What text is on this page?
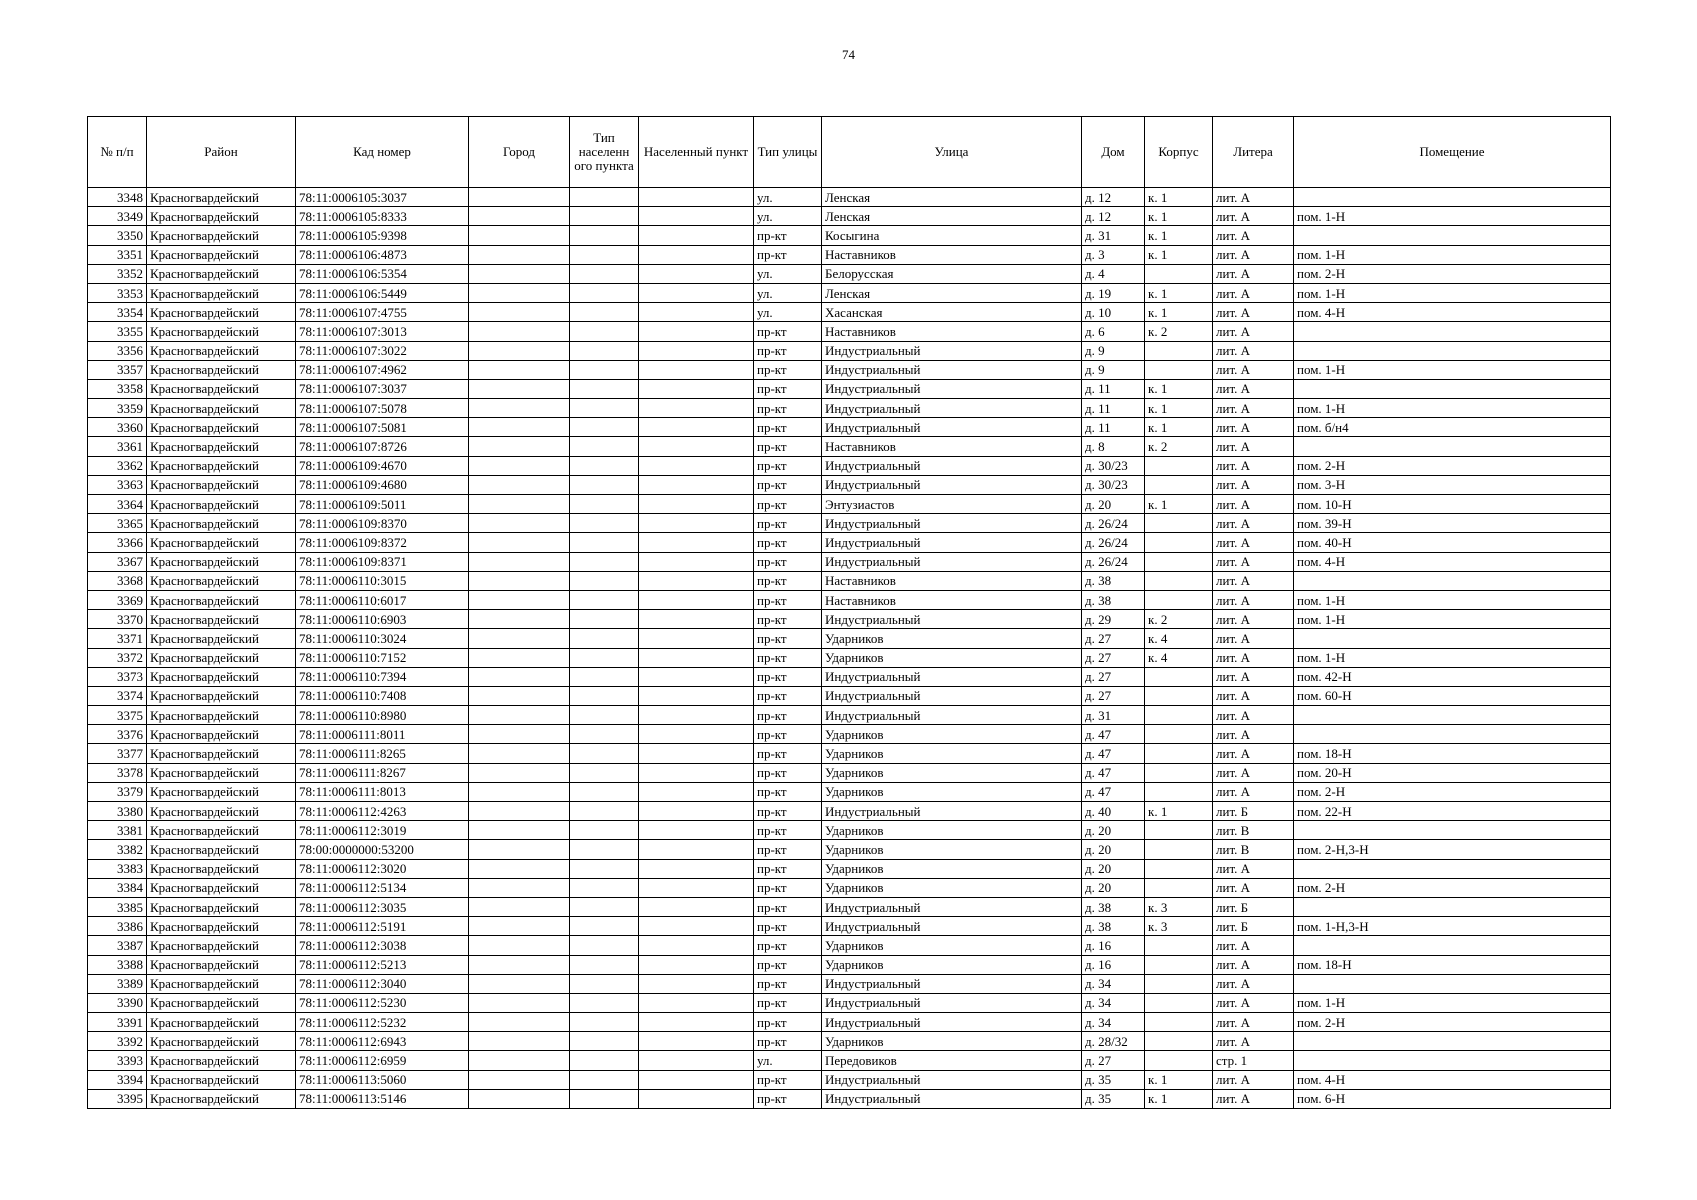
74
№ п/п	Район	Кад номер	Город	Тип населенн ого пункта	Населенный пункт	Тип улицы	Улица	Дом	Корпус	Литера	Помещение
3348	Красногвардейский	78:11:0006105:3037				ул.	Ленская	д. 12	к. 1	лит. А	
3349	Красногвардейский	78:11:0006105:8333				ул.	Ленская	д. 12	к. 1	лит. А	пом. 1-Н
3350	Красногвардейский	78:11:0006105:9398				пр-кт	Косыгина	д. 31	к. 1	лит. А	
3351	Красногвардейский	78:11:0006106:4873				пр-кт	Наставников	д. 3	к. 1	лит. А	пом. 1-Н
3352	Красногвардейский	78:11:0006106:5354				ул.	Белорусская	д. 4		лит. А	пом. 2-Н
3353	Красногвардейский	78:11:0006106:5449				ул.	Ленская	д. 19	к. 1	лит. А	пом. 1-Н
3354	Красногвардейский	78:11:0006107:4755				ул.	Хасанская	д. 10	к. 1	лит. А	пом. 4-Н
3355	Красногвардейский	78:11:0006107:3013				пр-кт	Наставников	д. 6	к. 2	лит. А	
3356	Красногвардейский	78:11:0006107:3022				пр-кт	Индустриальный	д. 9		лит. А	
3357	Красногвардейский	78:11:0006107:4962				пр-кт	Индустриальный	д. 9		лит. А	пом. 1-Н
3358	Красногвардейский	78:11:0006107:3037				пр-кт	Индустриальный	д. 11	к. 1	лит. А	
3359	Красногвардейский	78:11:0006107:5078				пр-кт	Индустриальный	д. 11	к. 1	лит. А	пом. 1-Н
3360	Красногвардейский	78:11:0006107:5081				пр-кт	Индустриальный	д. 11	к. 1	лит. А	пом. б/н4
3361	Красногвардейский	78:11:0006107:8726				пр-кт	Наставников	д. 8	к. 2	лит. А	
3362	Красногвардейский	78:11:0006109:4670				пр-кт	Индустриальный	д. 30/23		лит. А	пом. 2-Н
3363	Красногвардейский	78:11:0006109:4680				пр-кт	Индустриальный	д. 30/23		лит. А	пом. 3-Н
3364	Красногвардейский	78:11:0006109:5011				пр-кт	Энтузиастов	д. 20	к. 1	лит. А	пом. 10-Н
3365	Красногвардейский	78:11:0006109:8370				пр-кт	Индустриальный	д. 26/24		лит. А	пом. 39-Н
3366	Красногвардейский	78:11:0006109:8372				пр-кт	Индустриальный	д. 26/24		лит. А	пом. 40-Н
3367	Красногвардейский	78:11:0006109:8371				пр-кт	Индустриальный	д. 26/24		лит. А	пом. 4-Н
3368	Красногвардейский	78:11:0006110:3015				пр-кт	Наставников	д. 38		лит. А	
3369	Красногвардейский	78:11:0006110:6017				пр-кт	Наставников	д. 38		лит. А	пом. 1-Н
3370	Красногвардейский	78:11:0006110:6903				пр-кт	Индустриальный	д. 29	к. 2	лит. А	пом. 1-Н
3371	Красногвардейский	78:11:0006110:3024				пр-кт	Ударников	д. 27	к. 4	лит. А	
3372	Красногвардейский	78:11:0006110:7152				пр-кт	Ударников	д. 27	к. 4	лит. А	пом. 1-Н
3373	Красногвардейский	78:11:0006110:7394				пр-кт	Индустриальный	д. 27		лит. А	пом. 42-Н
3374	Красногвардейский	78:11:0006110:7408				пр-кт	Индустриальный	д. 27		лит. А	пом. 60-Н
3375	Красногвардейский	78:11:0006110:8980				пр-кт	Индустриальный	д. 31		лит. А	
3376	Красногвардейский	78:11:0006111:8011				пр-кт	Ударников	д. 47		лит. А	
3377	Красногвардейский	78:11:0006111:8265				пр-кт	Ударников	д. 47		лит. А	пом. 18-Н
3378	Красногвардейский	78:11:0006111:8267				пр-кт	Ударников	д. 47		лит. А	пом. 20-Н
3379	Красногвардейский	78:11:0006111:8013				пр-кт	Ударников	д. 47		лит. А	пом. 2-Н
3380	Красногвардейский	78:11:0006112:4263				пр-кт	Индустриальный	д. 40	к. 1	лит. Б	пом. 22-Н
3381	Красногвардейский	78:11:0006112:3019				пр-кт	Ударников	д. 20		лит. В	
3382	Красногвардейский	78:00:0000000:53200				пр-кт	Ударников	д. 20		лит. В	пом. 2-Н,3-Н
3383	Красногвардейский	78:11:0006112:3020				пр-кт	Ударников	д. 20		лит. А	
3384	Красногвардейский	78:11:0006112:5134				пр-кт	Ударников	д. 20		лит. А	пом. 2-Н
3385	Красногвардейский	78:11:0006112:3035				пр-кт	Индустриальный	д. 38	к. 3	лит. Б	
3386	Красногвардейский	78:11:0006112:5191				пр-кт	Индустриальный	д. 38	к. 3	лит. Б	пом. 1-Н,3-Н
3387	Красногвардейский	78:11:0006112:3038				пр-кт	Ударников	д. 16		лит. А	
3388	Красногвардейский	78:11:0006112:5213				пр-кт	Ударников	д. 16		лит. А	пом. 18-Н
3389	Красногвардейский	78:11:0006112:3040				пр-кт	Индустриальный	д. 34		лит. А	
3390	Красногвардейский	78:11:0006112:5230				пр-кт	Индустриальный	д. 34		лит. А	пом. 1-Н
3391	Красногвардейский	78:11:0006112:5232				пр-кт	Индустриальный	д. 34		лит. А	пом. 2-Н
3392	Красногвардейский	78:11:0006112:6943				пр-кт	Ударников	д. 28/32		лит. А	
3393	Красногвардейский	78:11:0006112:6959				ул.	Передовиков	д. 27		стр. 1	
3394	Красногвардейский	78:11:0006113:5060				пр-кт	Индустриальный	д. 35	к. 1	лит. А	пом. 4-Н
3395	Красногвардейский	78:11:0006113:5146				пр-кт	Индустриальный	д. 35	к. 1	лит. А	пом. 6-Н
